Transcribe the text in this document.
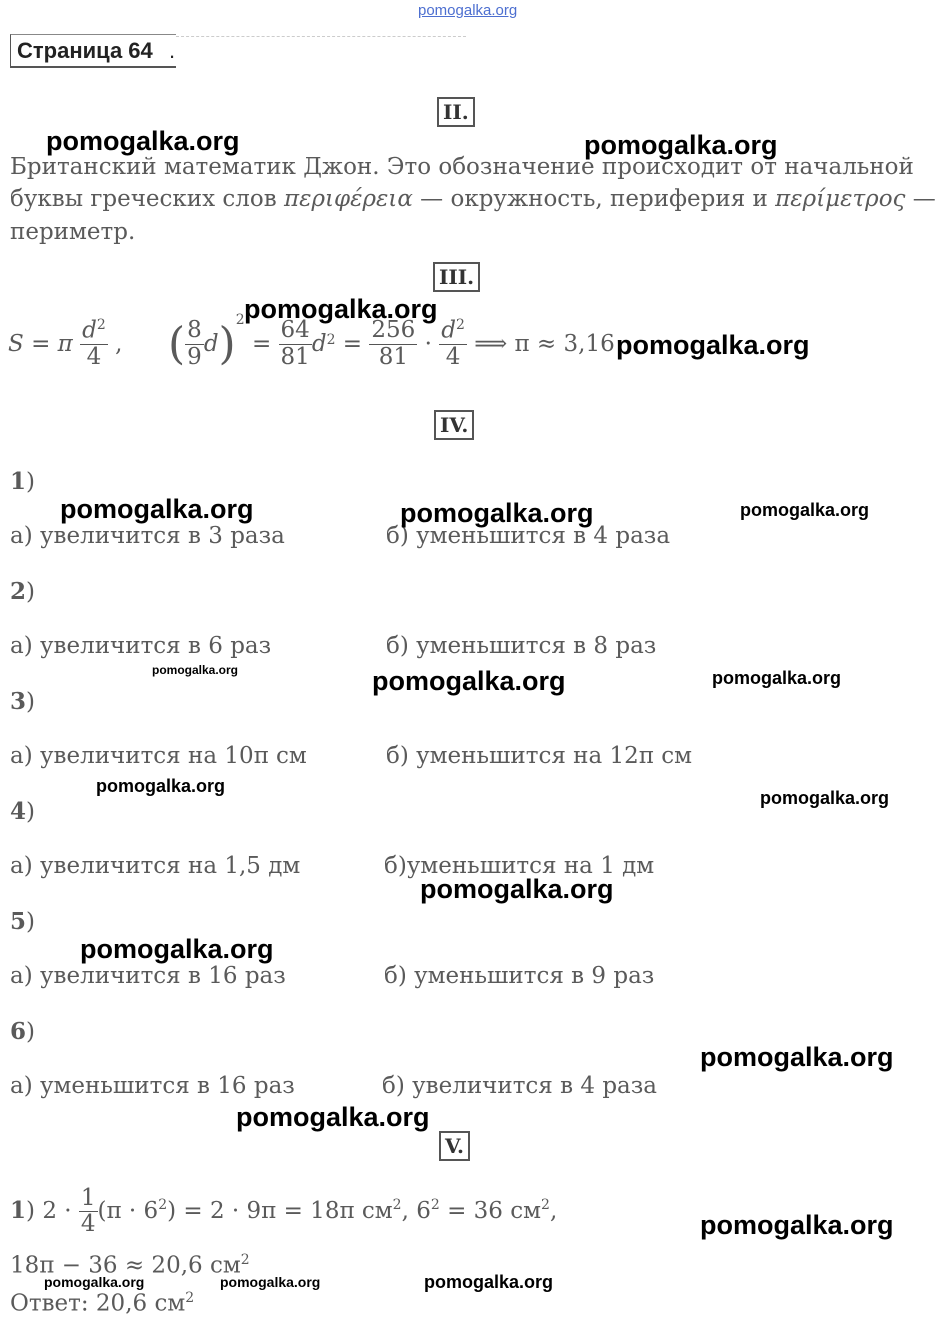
pomogalka.org
Страница 64 .
II.
Британский математик Джон. Это обозначение происходит от начальной
буквы греческих слов περιφέρεια — окружность, периферия и περίμετρος —
периметр.
III.
S = π $\frac{d^2}{4}$ , ( $\frac{8}{9} d)^2 = \frac{64}{81} d^2 = \frac{256}{81} \cdot \frac{d^2}{4}$ ⟹ π ≈ 3,16
IV.
1)
а) увеличится в 3 раза	б) уменьшится в 4 раза
2)
а) увеличится в 6 раз	б) уменьшится в 8 раз
3)
а) увеличится на 10π см	б) уменьшится на 12π см
4)
а) увеличится на 1,5 дм	б)уменьшится на 1 дм
5)
а) увеличится в 16 раз	б) уменьшится в 9 раз
6)
а) уменьшится в 16 раз	б) увеличится в 4 раза
V.
1) $2 \cdot \frac{1}{4} (\pi \cdot 6^2) = 2 \cdot 9\pi = 18\pi$ $см^2$, $6^2 = 36$ $см^2$,
18π − 36 ≈ 20,6 $см^2$
Ответ: 20,6 $см^2$
pomogalka.org	pomogalka.org
pomogalka.org
pomogalka.org
pomogalka.org	pomogalka.org	pomogalka.org
pomogalka.org	pomogalka.org	pomogalka.org
pomogalka.org
pomogalka.org
pomogalka.org
pomogalka.org
pomogalka.org
pomogalka.org
pomogalka.org
pomogalka.org	pomogalka.org	pomogalka.org
